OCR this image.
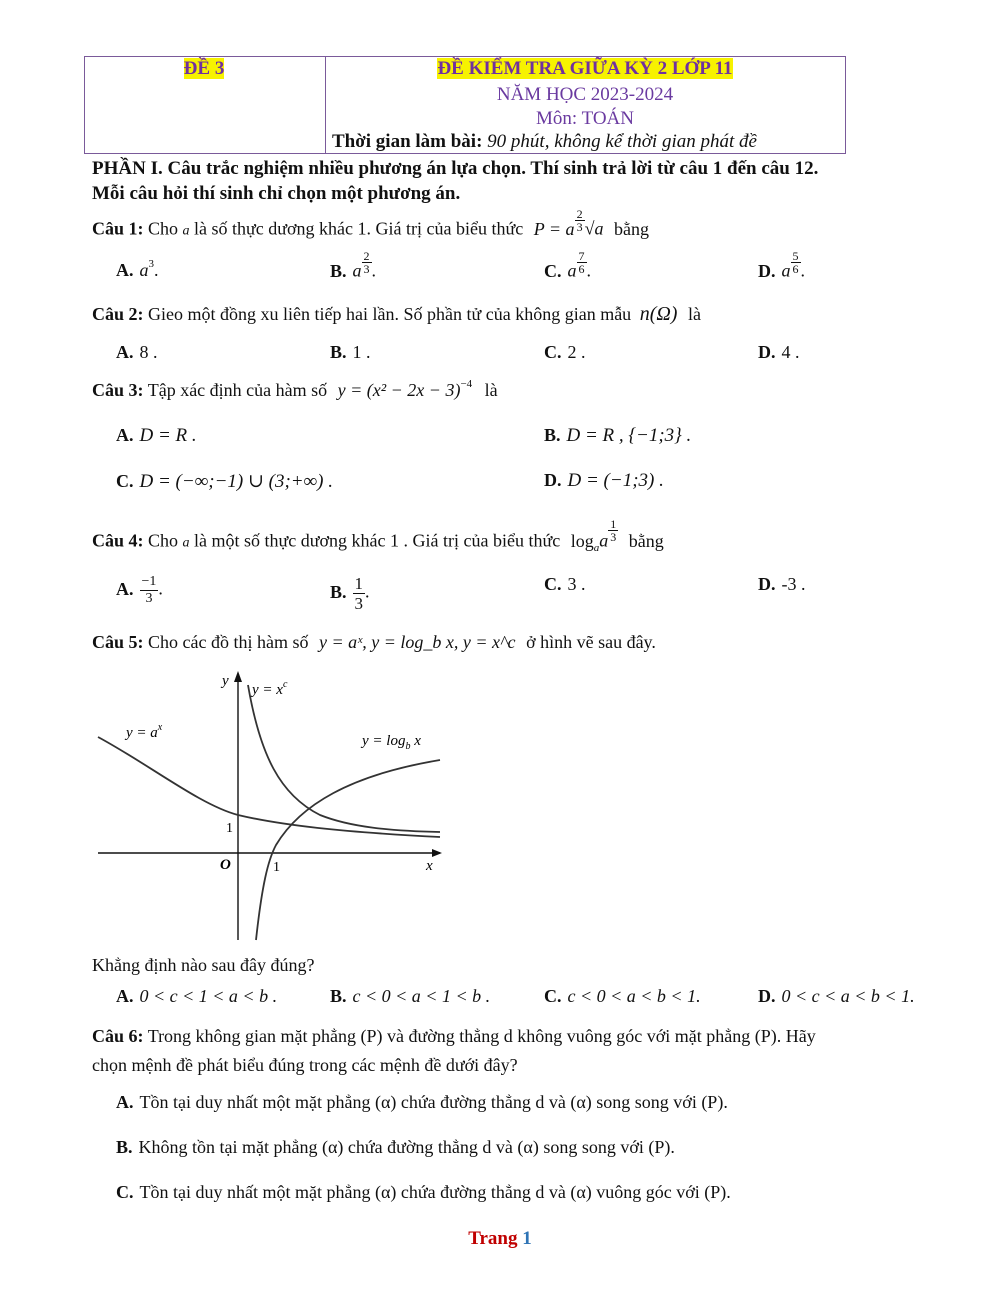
ĐỀ 3	ĐỀ KIỂM TRA GIỮA KỲ 2 LỚP 11
NĂM HỌC 2023-2024
Môn: TOÁN
Thời gian làm bài: 90 phút, không kể thời gian phát đề
PHẦN I. Câu trắc nghiệm nhiều phương án lựa chọn. Thí sinh trả lời từ câu 1 đến câu 12.
Mỗi câu hỏi thí sinh chỉ chọn một phương án.
Câu 1: Cho a là số thực dương khác 1. Giá trị của biểu thức P = a $\frac{2}{3} √a$ bằng
A. $a^3$.	B. a $\frac{2}{3}$ .	C. a $\frac{7}{6}$ .	D. a $\frac{5}{6}$ .
Câu 2: Gieo một đồng xu liên tiếp hai lần. Số phần tử của không gian mẫu n(Ω) là
A. 8 .	B. 1 .	C. 2 .	D. 4 .
Câu 3: Tập xác định của hàm số $y = (x^2 - 2x - 3)^{-4}$ là
A. D = R .	B. D = R , {−1;3} .
C. D = (−∞;−1) ∪ (3;+∞) .	D. D = (−1;3) .
Câu 4: Cho a là một số thực dương khác 1 . Giá trị của biểu thức $\log_aa \frac{1}{3}$ bằng
A. $\frac{-1}{3}$ .	B. $\frac{1}{3}$ .	C. 3 .	D. -3 .
Câu 5: Cho các đồ thị hàm số y = aˣ, y = log_b x, y = x^c ở hình vẽ sau đây.
y
x
O	1
1
$y = a^x$
$y = x^c$
$y = \log_b x$
Khẳng định nào sau đây đúng?
A. 0 < c < 1 < a < b .	B. c < 0 < a < 1 < b .	C. c < 0 < a < b < 1.	D. 0 < c < a < b < 1.
Câu 6: Trong không gian mặt phẳng (P) và đường thẳng d không vuông góc với mặt phẳng (P). Hãy
chọn mệnh đề phát biểu đúng trong các mệnh đề dưới đây?
A. Tồn tại duy nhất một mặt phẳng (α) chứa đường thẳng d và (α) song song với (P).
B. Không tồn tại mặt phẳng (α) chứa đường thẳng d và (α) song song với (P).
C. Tồn tại duy nhất một mặt phẳng (α) chứa đường thẳng d và (α) vuông góc với (P).
Trang 1
